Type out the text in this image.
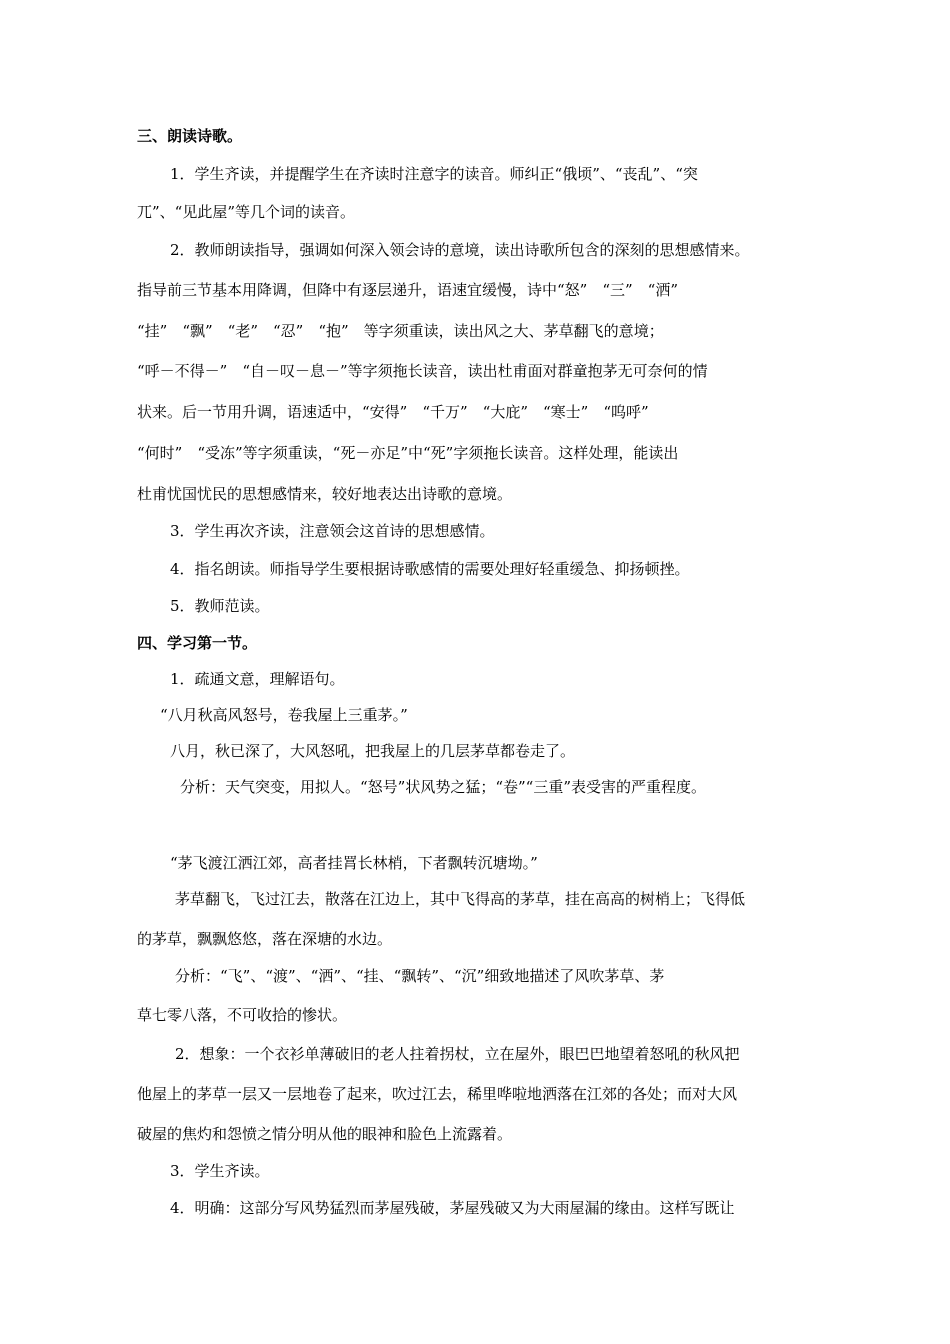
三、朗读诗歌。
1．学生齐读，并提醒学生在齐读时注意字的读音。师纠正“俄顷”、“丧乱”、“突
兀”、“见此屋”等几个词的读音。
2．教师朗读指导，强调如何深入领会诗的意境，读出诗歌所包含的深刻的思想感情来。
指导前三节基本用降调，但降中有逐层递升，语速宜缓慢，诗中“怒”　“三”　“洒”
“挂”　“飘”　“老”　“忍”　“抱”　等字须重读，读出风之大、茅草翻飞的意境；
“呼－不得－”　“自－叹－息－”等字须拖长读音，读出杜甫面对群童抱茅无可奈何的情
状来。后一节用升调，语速适中，“安得”　“千万”　“大庇”　“寒士”　“呜呼”
“何时”　“受冻”等字须重读，“死－亦足”中“死”字须拖长读音。这样处理，能读出
杜甫忧国忧民的思想感情来，较好地表达出诗歌的意境。
3．学生再次齐读，注意领会这首诗的思想感情。
4．指名朗读。师指导学生要根据诗歌感情的需要处理好轻重缓急、抑扬顿挫。
5．教师范读。
四、学习第一节。
1．疏通文意，理解语句。
“八月秋高风怒号，卷我屋上三重茅。”
八月，秋已深了，大风怒吼，把我屋上的几层茅草都卷走了。
分析：天气突变，用拟人。“怒号”状风势之猛；“卷”“三重”表受害的严重程度。
“茅飞渡江洒江郊，高者挂罥长林梢，下者飘转沉塘坳。”
茅草翻飞，飞过江去，散落在江边上，其中飞得高的茅草，挂在高高的树梢上；飞得低
的茅草，飘飘悠悠，落在深塘的水边。
分析：“飞”、“渡”、“洒”、“挂、“飘转”、“沉”细致地描述了风吹茅草、茅
草七零八落，不可收拾的惨状。
2．想象：一个衣衫单薄破旧的老人拄着拐杖，立在屋外，眼巴巴地望着怒吼的秋风把
他屋上的茅草一层又一层地卷了起来，吹过江去，稀里哗啦地洒落在江郊的各处；而对大风
破屋的焦灼和怨愤之情分明从他的眼神和脸色上流露着。
3．学生齐读。
4．明确：这部分写风势猛烈而茅屋残破，茅屋残破又为大雨屋漏的缘由。这样写既让
